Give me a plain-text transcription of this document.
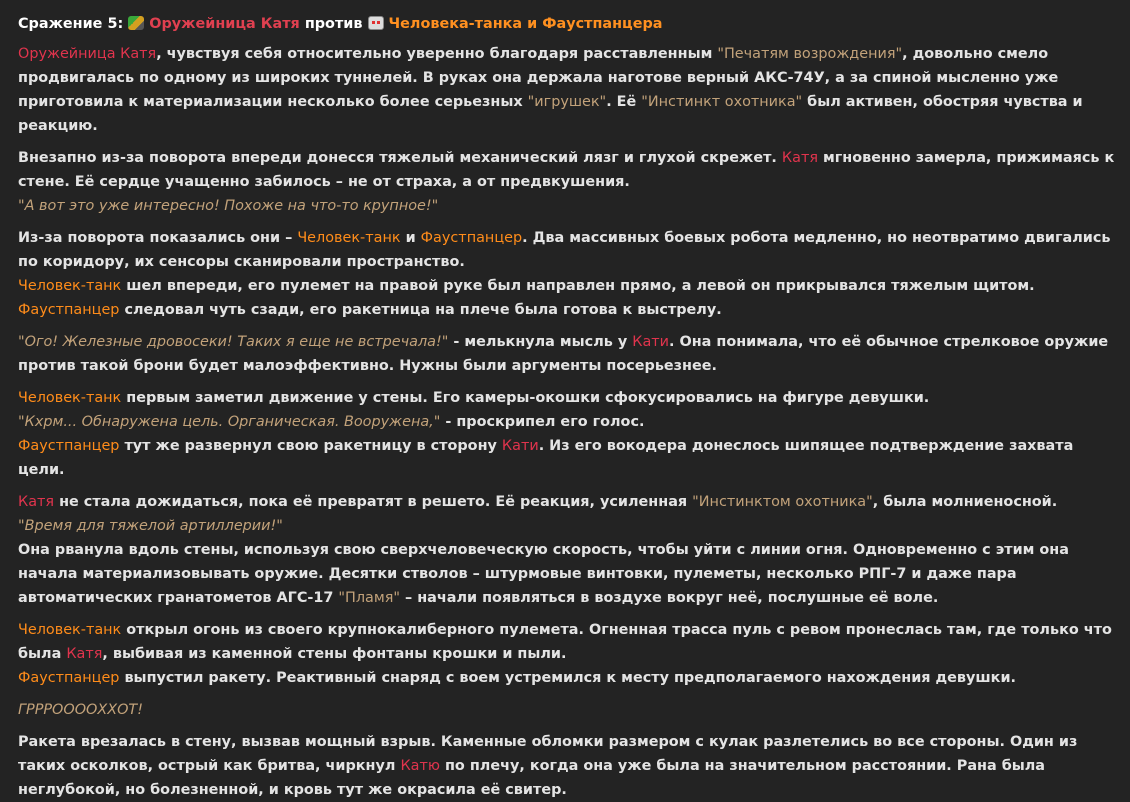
Сражение 5: Оружейница Катя против Человека-танка и Фаустпанцера

Оружейница Катя, чувствуя себя относительно уверенно благодаря расставленным "Печатям возрождения", довольно смело продвигалась по одному из широких туннелей. В руках она держала наготове верный АКС-74У, а за спиной мысленно уже приготовила к материализации несколько более серьезных "игрушек". Её "Инстинкт охотника" был активен, обостряя чувства и реакцию.

Внезапно из-за поворота впереди донесся тяжелый механический лязг и глухой скрежет. Катя мгновенно замерла, прижимаясь к стене. Её сердце учащенно забилось – не от страха, а от предвкушения.
"А вот это уже интересно! Похоже на что-то крупное!"
Из-за поворота показались они – Человек-танк и Фаустпанцер. Два массивных боевых робота медленно, но неотвратимо двигались по коридору, их сенсоры сканировали пространство.
Человек-танк шел впереди, его пулемет на правой руке был направлен прямо, а левой он прикрывался тяжелым щитом. Фаустпанцер следовал чуть сзади, его ракетница на плече была готова к выстрелу.

"Ого! Железные дровосеки! Таких я еще не встречала!" - мелькнула мысль у Кати. Она понимала, что её обычное стрелковое оружие против такой брони будет малоэффективно. Нужны были аргументы посерьезнее.

Человек-танк первым заметил движение у стены. Его камеры-окошки сфокусировались на фигуре девушки.
"Кхрм... Обнаружена цель. Органическая. Вооружена," - проскрипел его голос.
Фаустпанцер тут же развернул свою ракетницу в сторону Кати. Из его вокодера донеслось шипящее подтверждение захвата цели.
Катя не стала дожидаться, пока её превратят в решето. Её реакция, усиленная "Инстинктом охотника", была молниеносной.
"Время для тяжелой артиллерии!"
Она рванула вдоль стены, используя свою сверхчеловеческую скорость, чтобы уйти с линии огня. Одновременно с этим она начала материализовывать оружие. Десятки стволов – штурмовые винтовки, пулеметы, несколько РПГ-7 и даже пара автоматических гранатометов АГС-17 "Пламя" – начали появляться в воздухе вокруг неё, послушные её воле.
Человек-танк открыл огонь из своего крупнокалиберного пулемета. Огненная трасса пуль с ревом пронеслась там, где только что была Катя, выбивая из каменной стены фонтаны крошки и пыли.
Фаустпанцер выпустил ракету. Реактивный снаряд с воем устремился к месту предполагаемого нахождения девушки.

ГРРРООООХХОТ!

Ракета врезалась в стену, вызвав мощный взрыв. Каменные обломки размером с кулак разлетелись во все стороны. Один из таких осколков, острый как бритва, чиркнул Катю по плечу, когда она уже была на значительном расстоянии. Рана была неглубокой, но болезненной, и кровь тут же окрасила её свитер.
